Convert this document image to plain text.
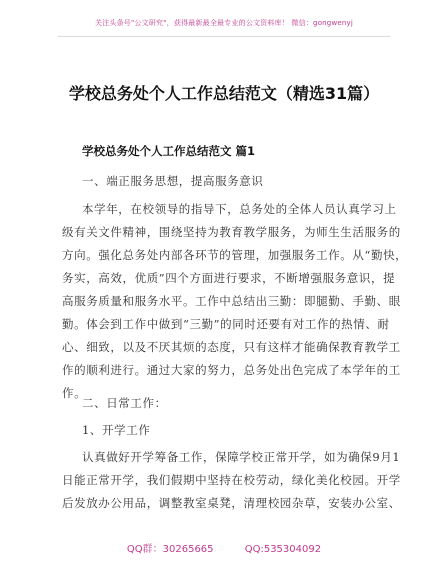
关注头条号"公文研究"，获得最新最全最专业的公文资料库！ 微信：gongwenyj
学校总务处个人工作总结范文（精选31篇）
学校总务处个人工作总结范文 篇1
一、端正服务思想，提高服务意识
本学年，在校领导的指导下，总务处的全体人员认真学习上
级有关文件精神，围绕坚持为教育教学服务，为师生生活服务的
方向。强化总务处内部各环节的管理，加强服务工作。从“勤快，
务实，高效，优质”四个方面进行要求，不断增强服务意识，提
高服务质量和服务水平。工作中总结出三勤：即腿勤、手勤、眼
勤。体会到工作中做到“三勤”的同时还要有对工作的热情、耐
心、细致，以及不厌其烦的态度，只有这样才能确保教育教学工
作的顺利进行。通过大家的努力，总务处出色完成了本学年的工
作。
二、日常工作：
1、开学工作
认真做好开学筹备工作，保障学校正常开学，如为确保9月1
日能正常开学，我们假期中坚持在校劳动，绿化美化校园。开学
后发放办公用品，调整教室桌凳，清理校园杂草，安装办公室、
QQ群：30265665	QQ:535304092
